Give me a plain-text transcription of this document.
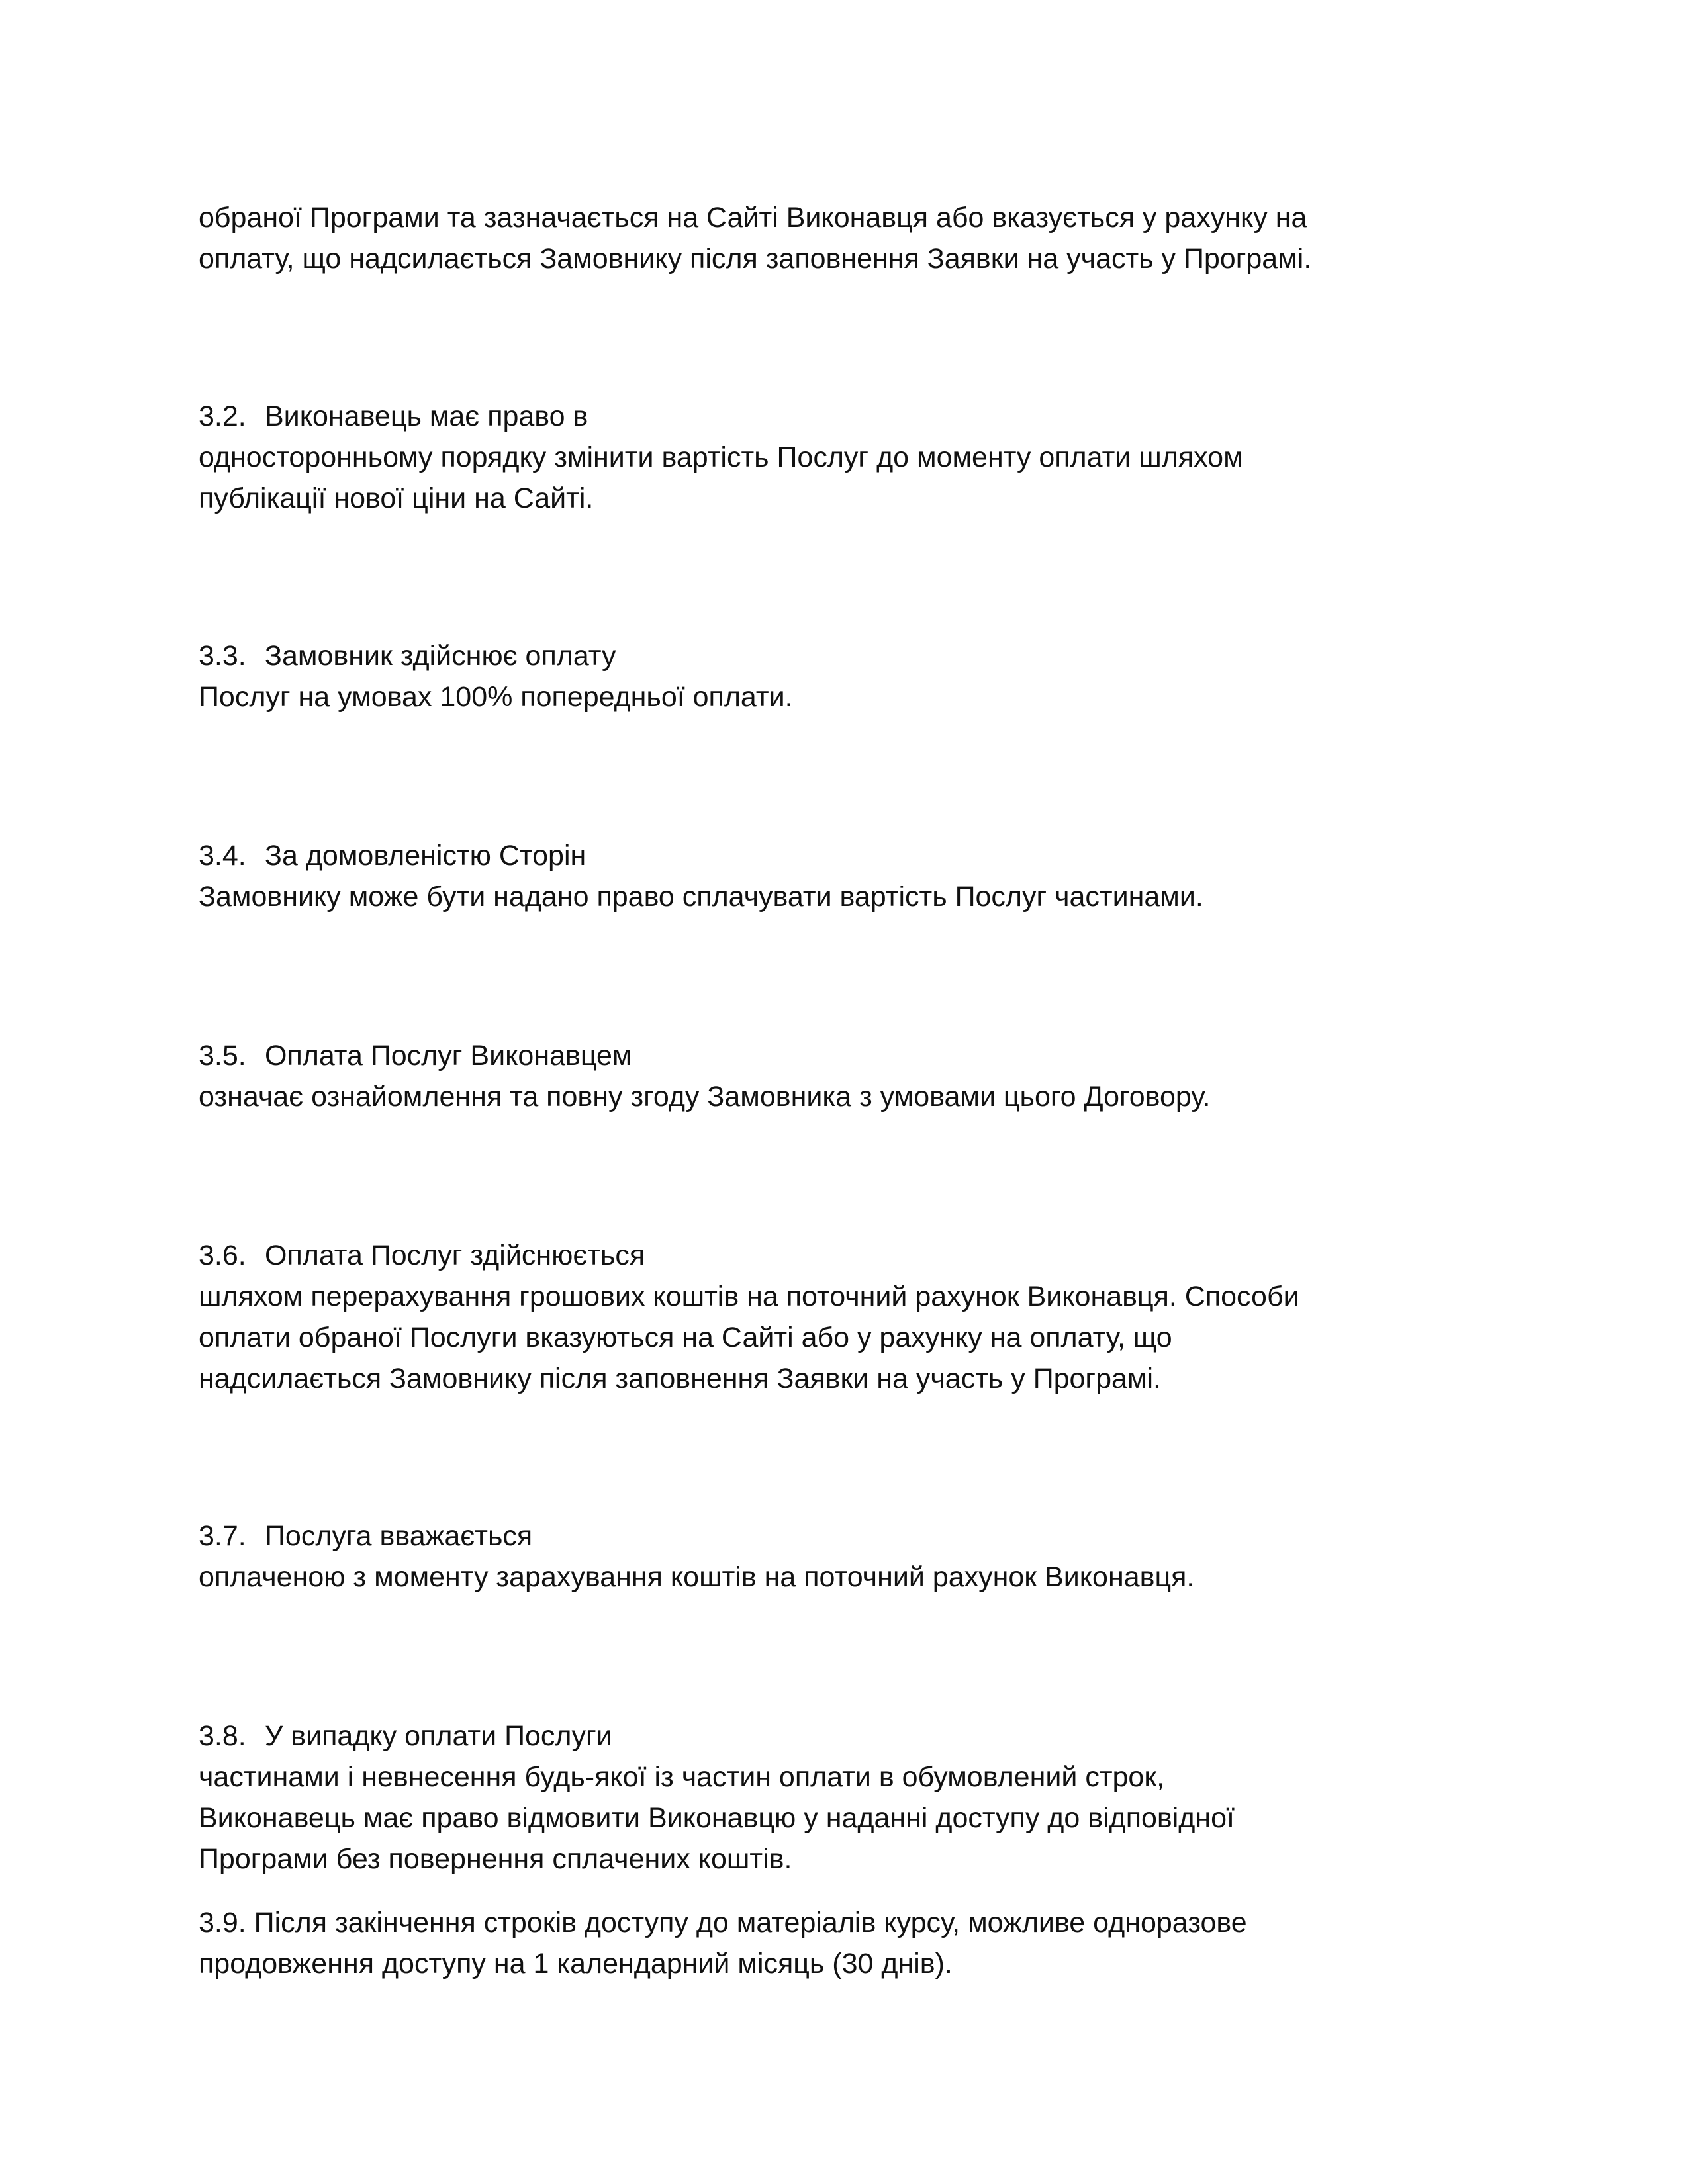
обраної Програми та зазначається на Сайті Виконавця або вказується у рахунку на
оплату, що надсилається Замовнику після заповнення Заявки на участь у Програмі.
3.2. Виконавець має право в
односторонньому порядку змінити вартість Послуг до моменту оплати шляхом
публікації нової ціни на Сайті.
3.3. Замовник здійснює оплату
Послуг на умовах 100% попередньої оплати.
3.4. За домовленістю Сторін
Замовнику може бути надано право сплачувати вартість Послуг частинами.
3.5. Оплата Послуг Виконавцем
означає ознайомлення та повну згоду Замовника з умовами цього Договору.
3.6. Оплата Послуг здійснюється
шляхом перерахування грошових коштів на поточний рахунок Виконавця. Способи
оплати обраної Послуги вказуються на Сайті або у рахунку на оплату, що
надсилається Замовнику після заповнення Заявки на участь у Програмі.
3.7. Послуга вважається
оплаченою з моменту зарахування коштів на поточний рахунок Виконавця.
3.8. У випадку оплати Послуги
частинами і невнесення будь-якої із частин оплати в обумовлений строк,
Виконавець має право відмовити Виконавцю у наданні доступу до відповідної
Програми без повернення сплачених коштів.
3.9. Після закінчення строків доступу до матеріалів курсу, можливе одноразове
продовження доступу на 1 календарний місяць (30 днів).
